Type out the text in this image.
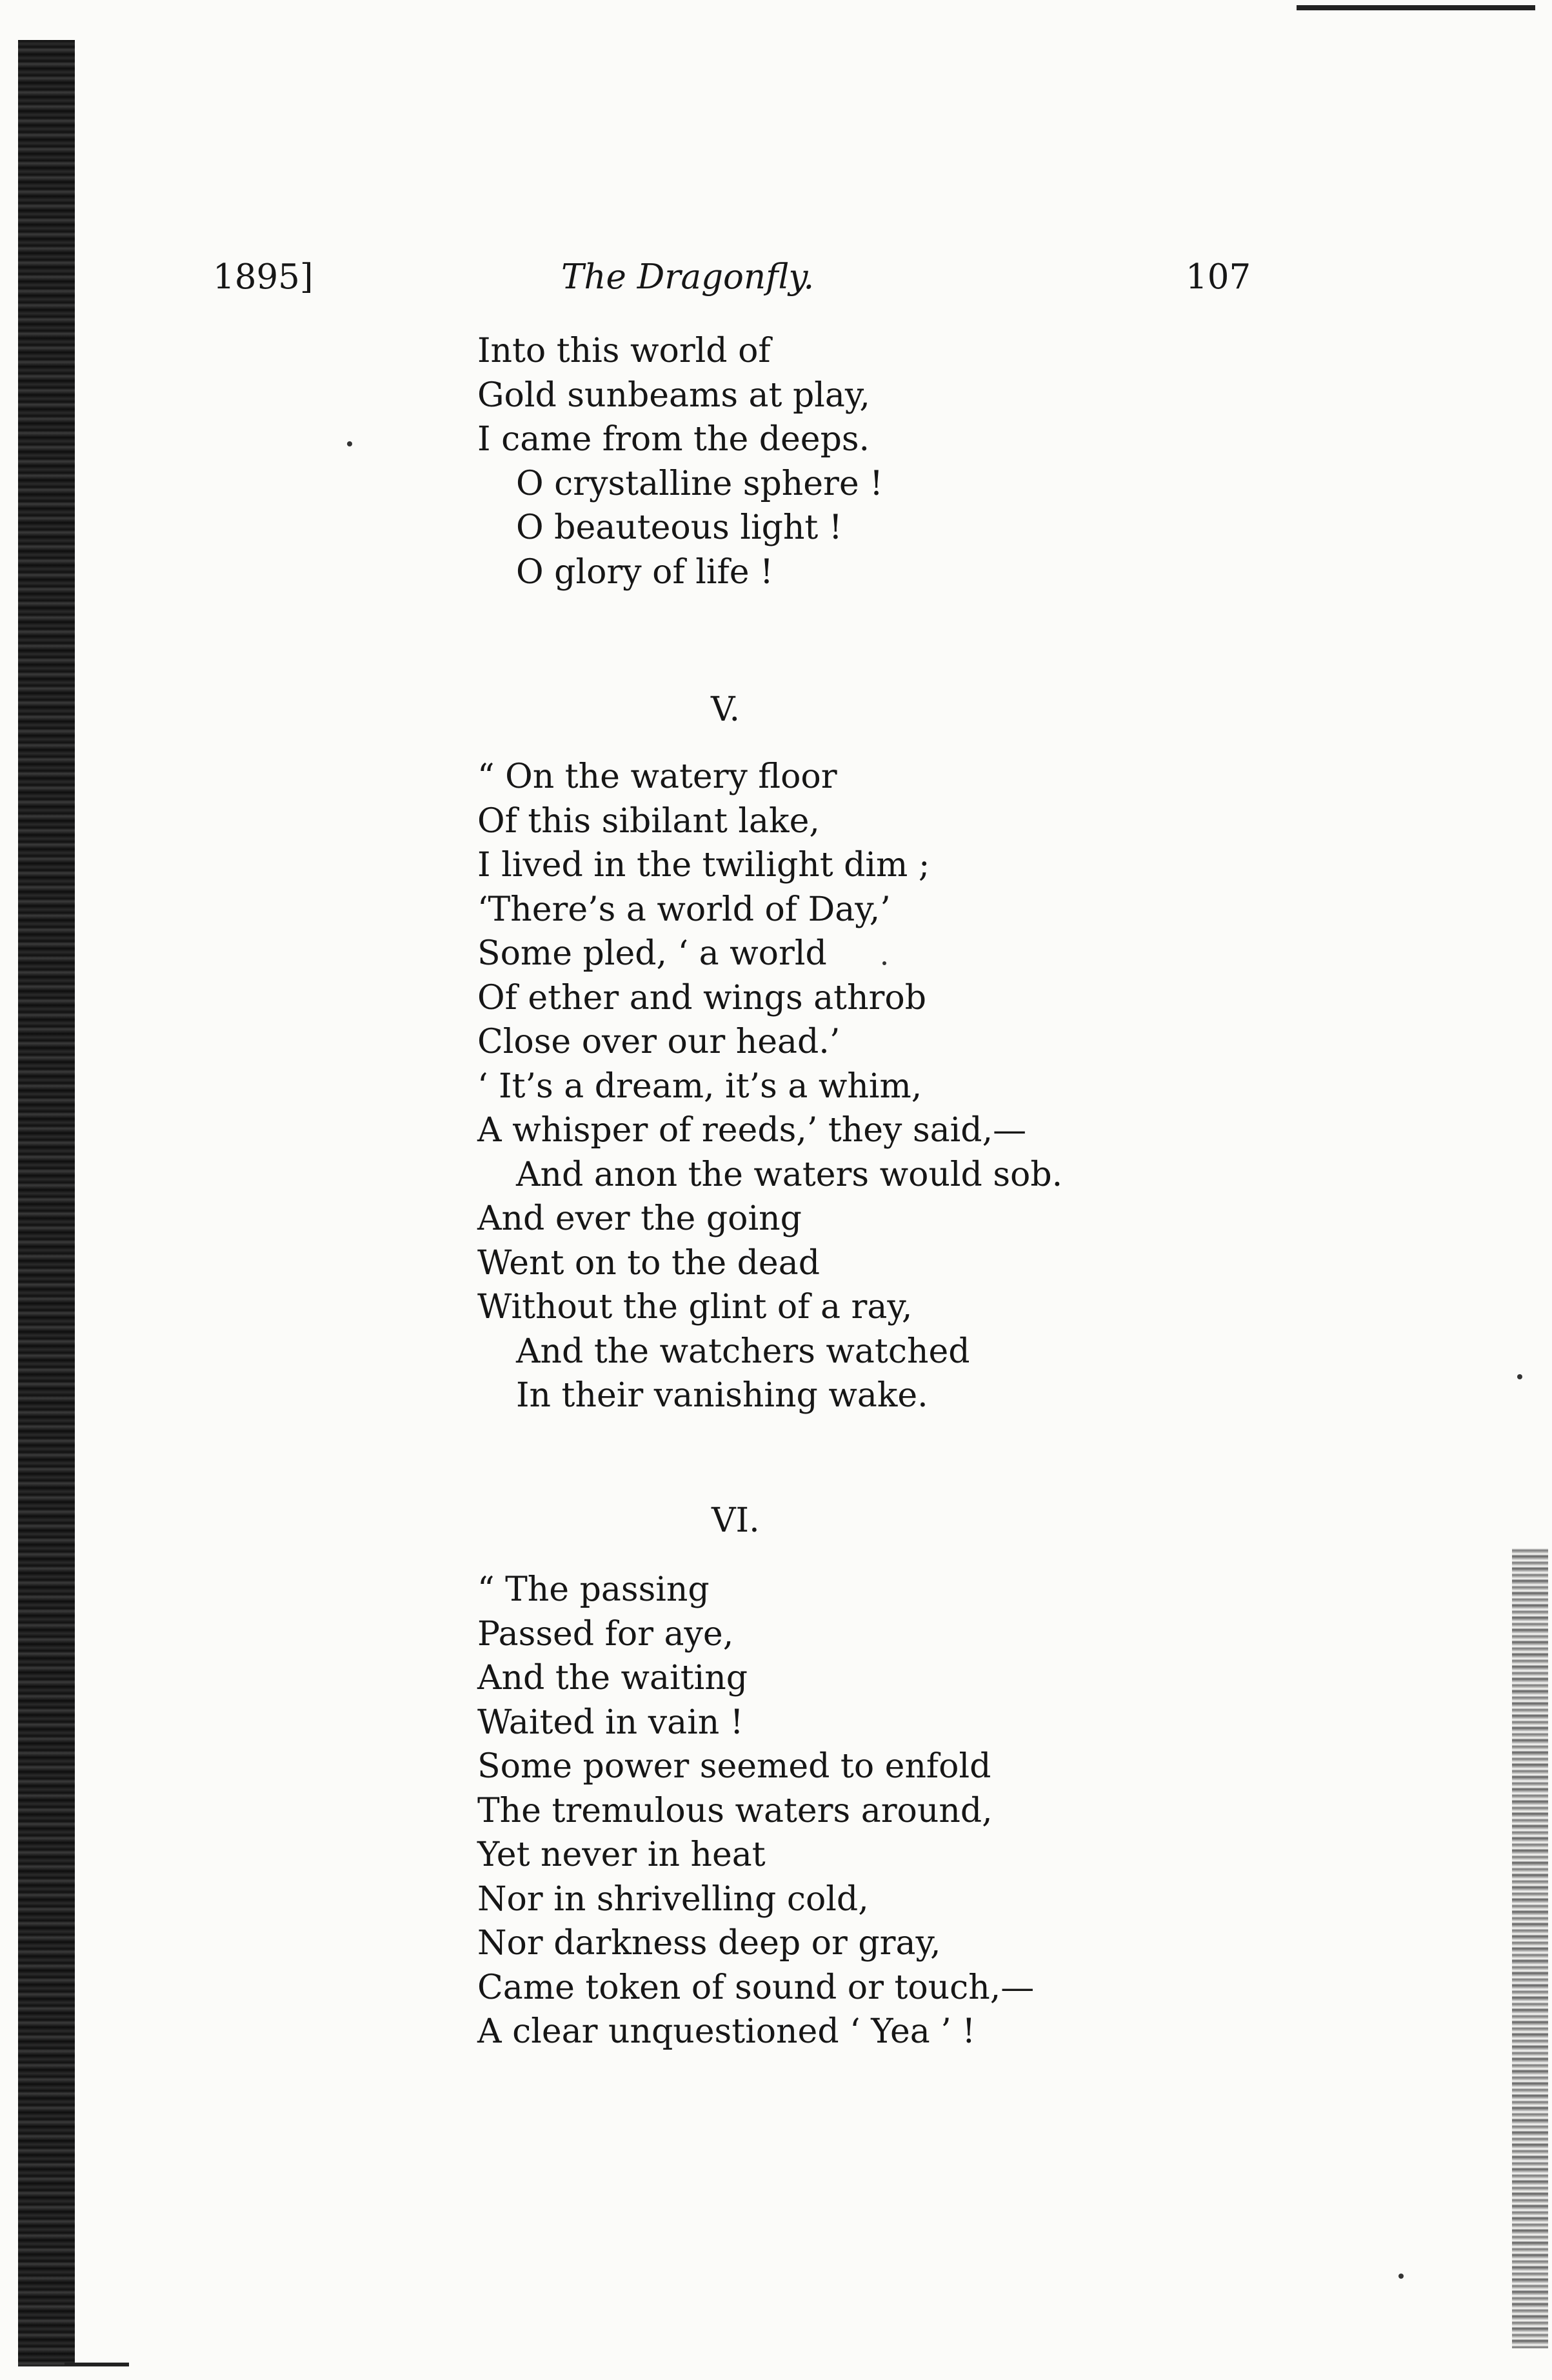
1895]	The Dragonfly.	107
Into this world of
Gold sunbeams at play,
I came from the deeps.
O crystalline sphere !
O beauteous light !
O glory of life !
V.
“ On the watery floor
Of this sibilant lake,
I lived in the twilight dim ;
‘There’s a world of Day,’
Some pled, ‘ a world
Of ether and wings athrob
Close over our head.’
‘ It’s a dream, it’s a whim,
A whisper of reeds,’ they said,—
And anon the waters would sob.
And ever the going
Went on to the dead
Without the glint of a ray,
And the watchers watched
In their vanishing wake.
VI.
“ The passing
Passed for aye,
And the waiting
Waited in vain !
Some power seemed to enfold
The tremulous waters around,
Yet never in heat
Nor in shrivelling cold,
Nor darkness deep or gray,
Came token of sound or touch,—
A clear unquestioned ‘ Yea ’ !
